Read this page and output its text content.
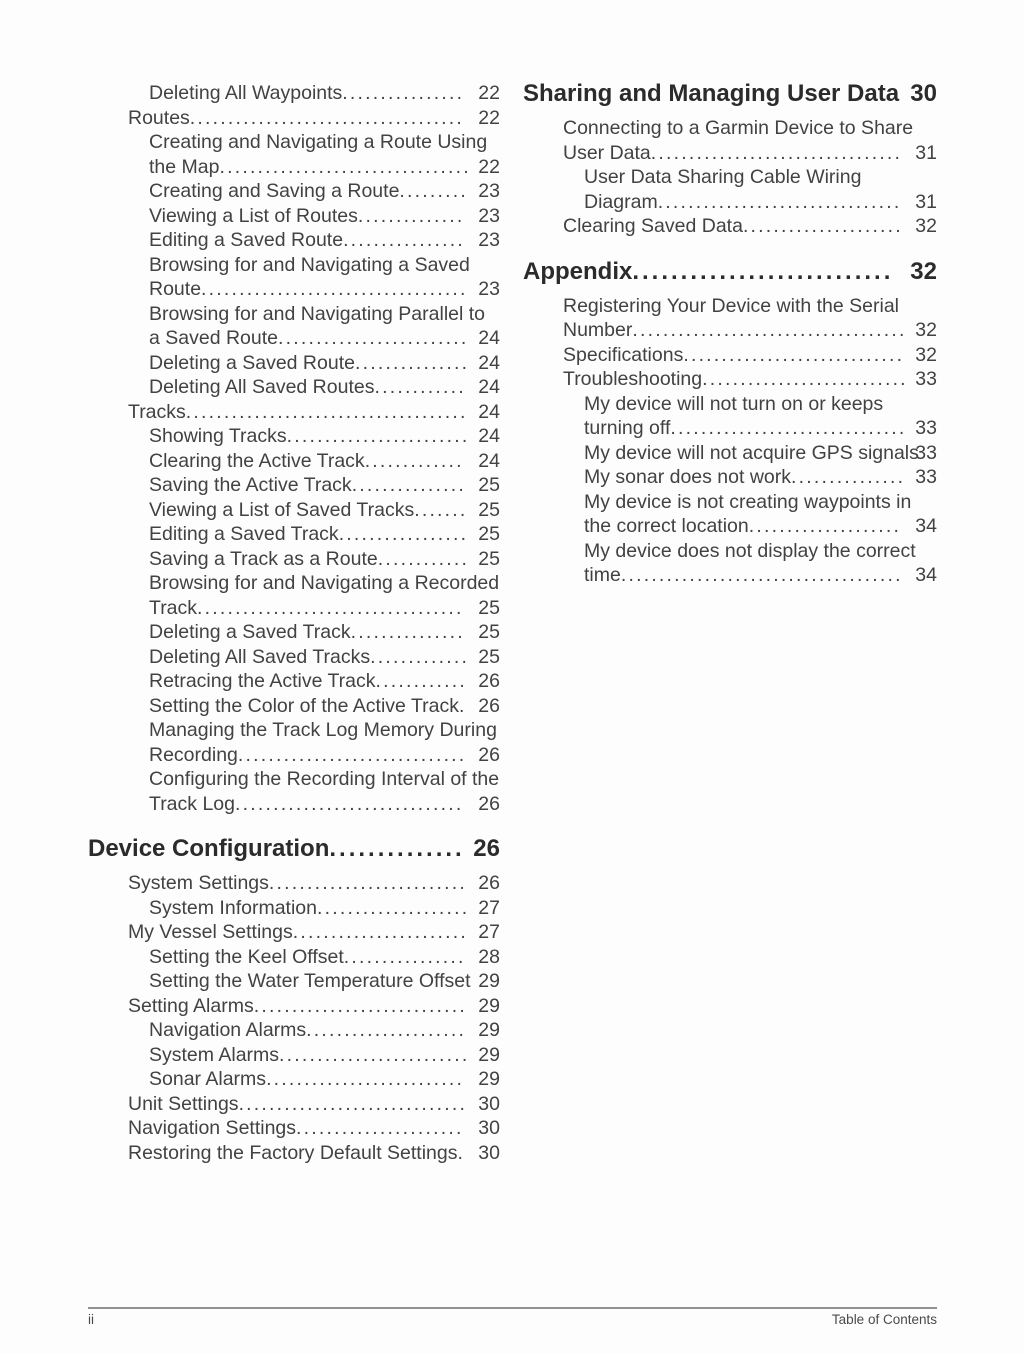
Deleting All Waypoints................ 22
Routes.................................... 22
Creating and Navigating a Route Using the Map................................. 22
Creating and Saving a Route......... 23
Viewing a List of Routes.............. 23
Editing a Saved Route................ 23
Browsing for and Navigating a Saved Route................................... 23
Browsing for and Navigating Parallel to a Saved Route......................... 24
Deleting a Saved Route............... 24
Deleting All Saved Routes............ 24
Tracks..................................... 24
Showing Tracks........................ 24
Clearing the Active Track............. 24
Saving the Active Track............... 25
Viewing a List of Saved Tracks....... 25
Editing a Saved Track................. 25
Saving a Track as a Route............ 25
Browsing for and Navigating a Recorded Track................................... 25
Deleting a Saved Track............... 25
Deleting All Saved Tracks............. 25
Retracing the Active Track............ 26
Setting the Color of the Active Track. 26
Managing the Track Log Memory During Recording.............................. 26
Configuring the Recording Interval of the Track Log.............................. 26
Device Configuration.............. 26
System Settings.......................... 26
System Information.................... 27
My Vessel Settings....................... 27
Setting the Keel Offset................ 28
Setting the Water Temperature Offset 29
Setting Alarms............................ 29
Navigation Alarms..................... 29
System Alarms......................... 29
Sonar Alarms.......................... 29
Unit Settings.............................. 30
Navigation Settings...................... 30
Restoring the Factory Default Settings. 30
Sharing and Managing User Data 30
Connecting to a Garmin Device to Share User Data................................. 31
User Data Sharing Cable Wiring Diagram................................ 31
Clearing Saved Data..................... 32
Appendix........................... 32
Registering Your Device with the Serial Number.................................... 32
Specifications............................. 32
Troubleshooting........................... 33
My device will not turn on or keeps turning off............................... 33
My device will not acquire GPS signals
33
My sonar does not work............... 33
My device is not creating waypoints in the correct location.................... 34
My device does not display the correct time..................................... 34
ii	Table of Contents
